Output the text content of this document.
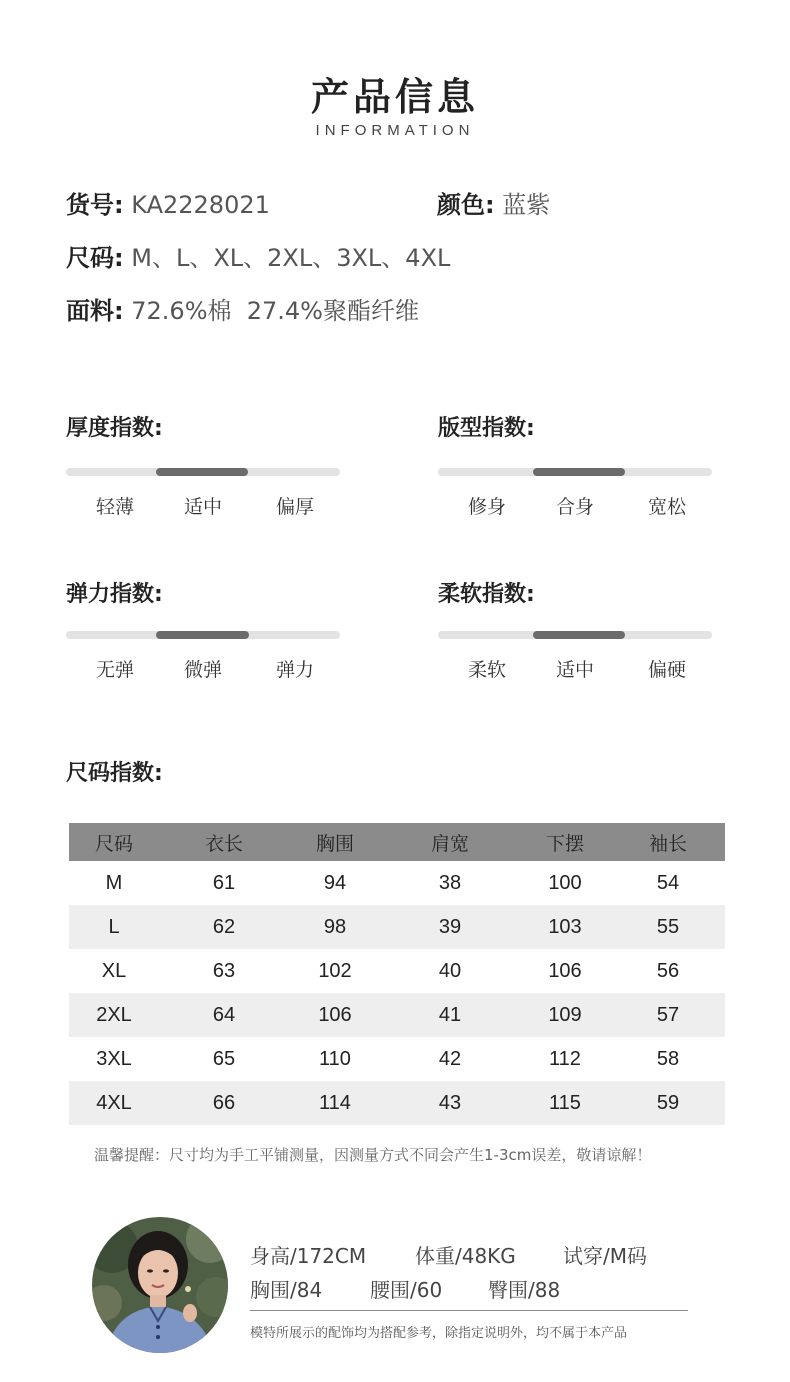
产品信息
INFORMATION
货号: KA2228021	颜色: 蓝紫
尺码: M、L、XL、2XL、3XL、4XL
面料: 72.6%棉  27.4%聚酯纤维
厚度指数:
轻薄	适中	偏厚
版型指数:
修身	合身	宽松
弹力指数:
无弹	微弹	弹力
柔软指数:
柔软	适中	偏硬
尺码指数:
尺码	衣长	胸围	肩宽	下摆	袖长
M	61	94	38	100	54
L	62	98	39	103	55
XL	63	102	40	106	56
2XL	64	106	41	109	57
3XL	65	110	42	112	58
4XL	66	114	43	115	59
温馨提醒：尺寸均为手工平铺测量，因测量方式不同会产生1-3cm误差，敬请谅解！
身高/172CM 体重/48KG 试穿/M码
胸围/84 腰围/60 臀围/88
模特所展示的配饰均为搭配参考，除指定说明外，均不属于本产品
